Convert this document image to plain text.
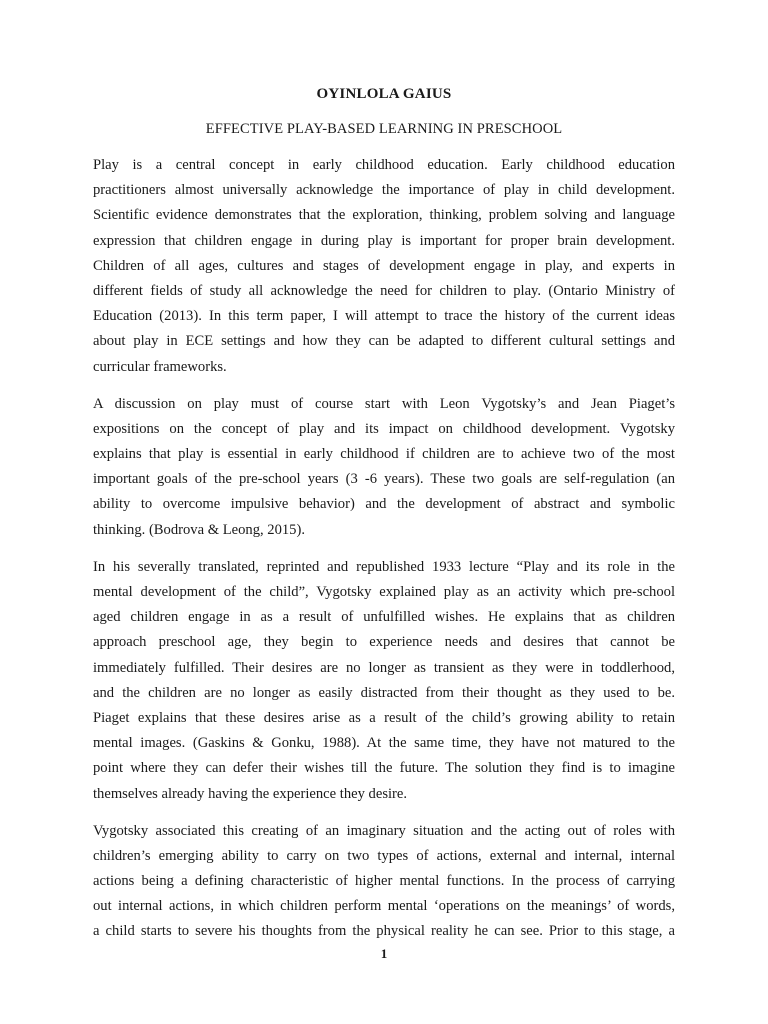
OYINLOLA GAIUS
EFFECTIVE PLAY-BASED LEARNING IN PRESCHOOL
Play is a central concept in early childhood education. Early childhood education
practitioners almost universally acknowledge the importance of play in child development.
Scientific evidence demonstrates that the exploration, thinking, problem solving and language
expression that children engage in during play is important for proper brain development.
Children of all ages, cultures and stages of development engage in play, and experts in
different fields of study all acknowledge the need for children to play. (Ontario Ministry of
Education (2013). In this term paper, I will attempt to trace the history of the current ideas
about play in ECE settings and how they can be adapted to different cultural settings and
curricular frameworks.
A discussion on play must of course start with Leon Vygotsky’s and Jean Piaget’s
expositions on the concept of play and its impact on childhood development. Vygotsky
explains that play is essential in early childhood if children are to achieve two of the most
important goals of the pre-school years (3 -6 years). These two goals are self-regulation (an
ability to overcome impulsive behavior) and the development of abstract and symbolic
thinking. (Bodrova & Leong, 2015).
In his severally translated, reprinted and republished 1933 lecture “Play and its role in the
mental development of the child”, Vygotsky explained play as an activity which pre-school
aged children engage in as a result of unfulfilled wishes. He explains that as children
approach preschool age, they begin to experience needs and desires that cannot be
immediately fulfilled. Their desires are no longer as transient as they were in toddlerhood,
and the children are no longer as easily distracted from their thought as they used to be.
Piaget explains that these desires arise as a result of the child’s growing ability to retain
mental images. (Gaskins & Gonku, 1988). At the same time, they have not matured to the
point where they can defer their wishes till the future. The solution they find is to imagine
themselves already having the experience they desire.
Vygotsky associated this creating of an imaginary situation and the acting out of roles with
children’s emerging ability to carry on two types of actions, external and internal, internal
actions being a defining characteristic of higher mental functions. In the process of carrying
out internal actions, in which children perform mental ‘operations on the meanings’ of words,
a child starts to severe his thoughts from the physical reality he can see. Prior to this stage, a
1
